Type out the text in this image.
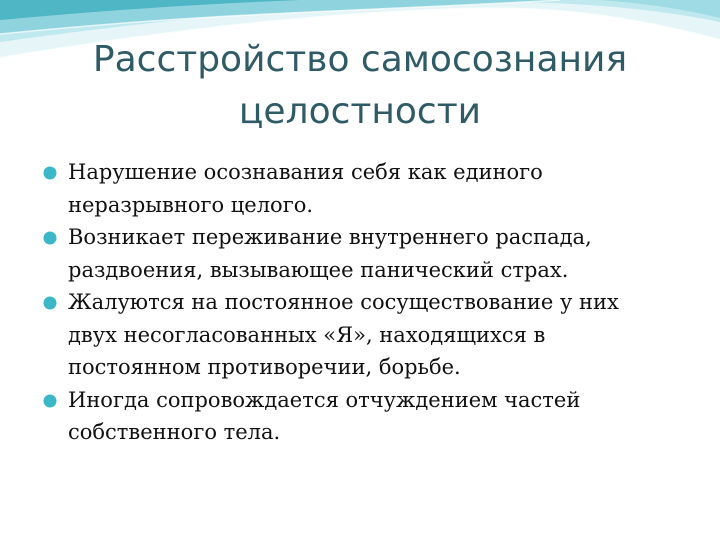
Расстройство самосознания
целостности
Нарушение осознавания себя как единого
неразрывного целого.
Возникает переживание внутреннего распада,
раздвоения, вызывающее панический страх.
Жалуются на постоянное сосуществование у них
двух несогласованных «Я», находящихся в
постоянном противоречии, борьбе.
Иногда сопровождается отчуждением частей
собственного тела.
